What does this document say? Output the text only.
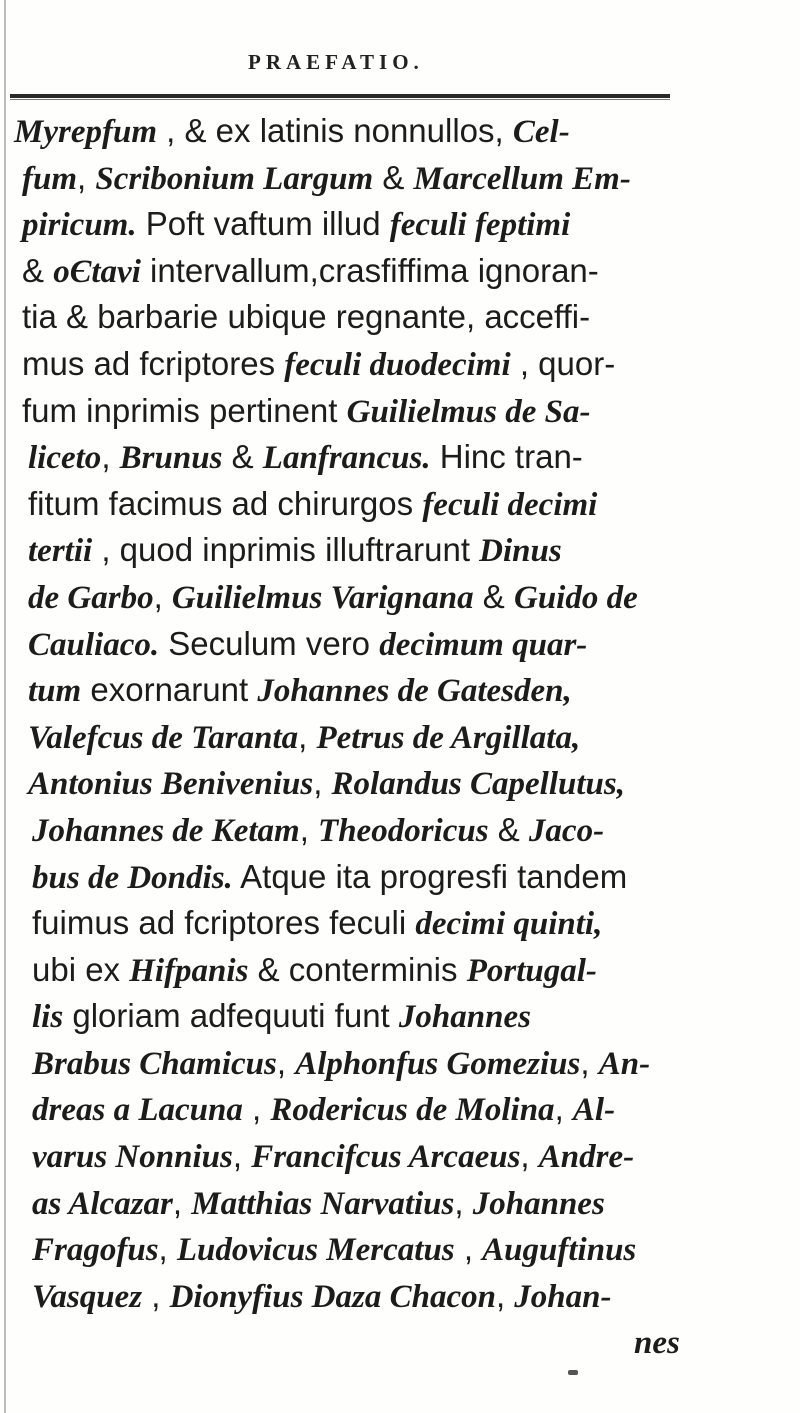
PRAEFATIO.
Myrepfum , & ex latinis nonnullos, Cel-
fum, Scribonium Largum & Marcellum Em-
piricum. Poft vaftum illud feculi feptimi
& oЄtavi intervallum,crasfiffima ignoran-
tia & barbarie ubique regnante, acceffi-
mus ad fcriptores feculi duodecimi , quor-
fum inprimis pertinent Guilielmus de Sa-
liceto, Brunus & Lanfrancus. Hinc tran-
fitum facimus ad chirurgos feculi decimi
tertii , quod inprimis illuftrarunt Dinus
de Garbo, Guilielmus Varignana & Guido de
Cauliaco. Seculum vero decimum quar-
tum exornarunt Johannes de Gatesden,
Valefcus de Taranta, Petrus de Argillata,
Antonius Benivenius, Rolandus Capellutus,
Johannes de Ketam, Theodoricus & Jaco-
bus de Dondis. Atque ita progresfi tandem
fuimus ad fcriptores feculi decimi quinti,
ubi ex Hifpanis & conterminis Portugal-
lis gloriam adfequuti funt Johannes
Brabus Chamicus, Alphonfus Gomezius, An-
dreas a Lacuna , Rodericus de Molina, Al-
varus Nonnius, Francifcus Arcaeus, Andre-
as Alcazar, Matthias Narvatius, Johannes
Fragofus, Ludovicus Mercatus , Auguftinus
Vasquez , Dionyfius Daza Chacon, Johan-
nes
